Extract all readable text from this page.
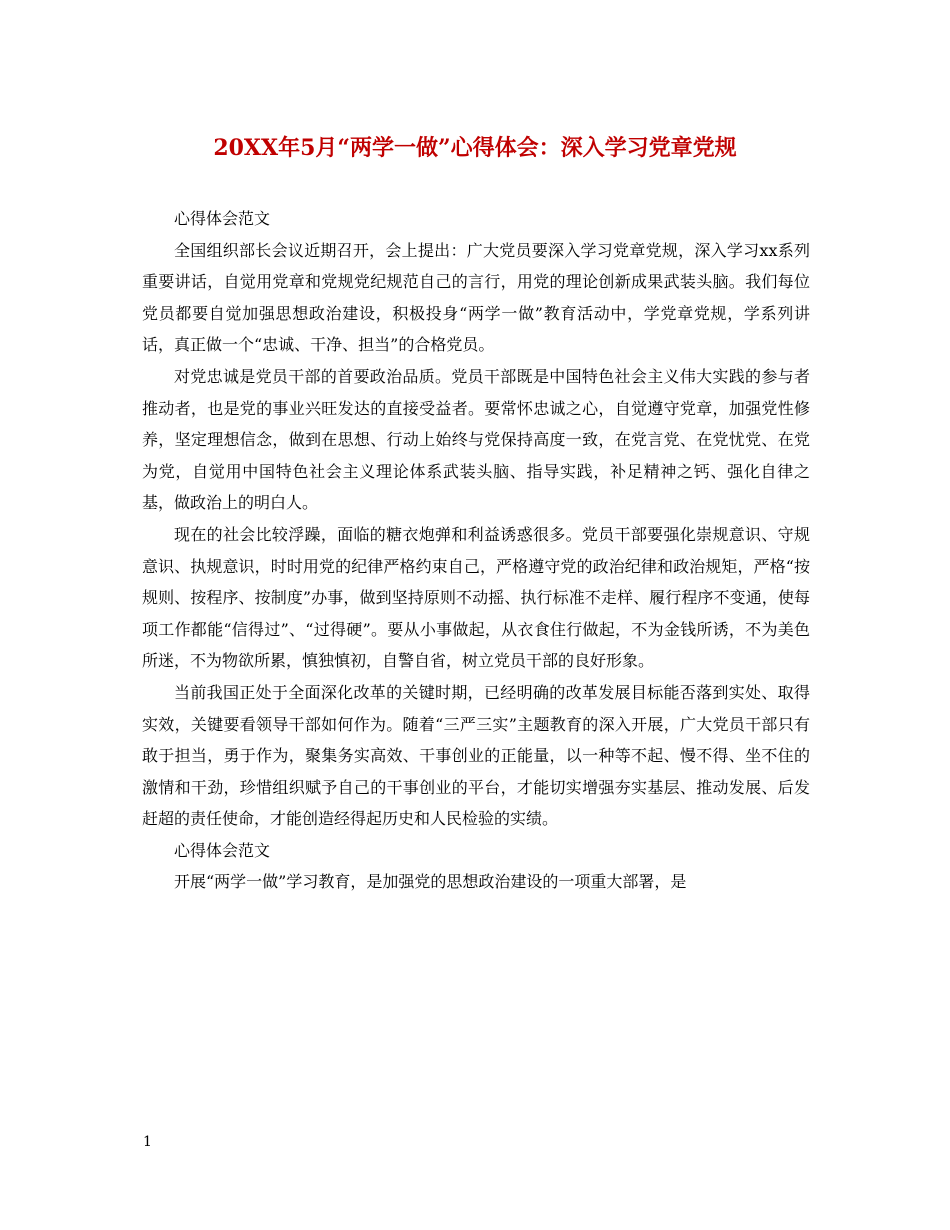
20XX年5月“两学一做”心得体会：深入学习党章党规

心得体会范文

全国组织部长会议近期召开，会上提出：广大党员要深入学习党章党规，深入学习xx系列重要讲话，自觉用党章和党规党纪规范自己的言行，用党的理论创新成果武装头脑。我们每位党员都要自觉加强思想政治建设，积极投身“两学一做”教育活动中，学党章党规，学系列讲话，真正做一个“忠诚、干净、担当”的合格党员。

对党忠诚是党员干部的首要政治品质。党员干部既是中国特色社会主义伟大实践的参与者推动者，也是党的事业兴旺发达的直接受益者。要常怀忠诚之心，自觉遵守党章，加强党性修养，坚定理想信念，做到在思想、行动上始终与党保持高度一致，在党言党、在党忧党、在党为党，自觉用中国特色社会主义理论体系武装头脑、指导实践，补足精神之钙、强化自律之基，做政治上的明白人。

现在的社会比较浮躁，面临的糖衣炮弹和利益诱惑很多。党员干部要强化崇规意识、守规意识、执规意识，时时用党的纪律严格约束自己，严格遵守党的政治纪律和政治规矩，严格“按规则、按程序、按制度”办事，做到坚持原则不动摇、执行标准不走样、履行程序不变通，使每项工作都能“信得过”、“过得硬”。要从小事做起，从衣食住行做起，不为金钱所诱，不为美色所迷，不为物欲所累，慎独慎初，自警自省，树立党员干部的良好形象。

当前我国正处于全面深化改革的关键时期，已经明确的改革发展目标能否落到实处、取得实效，关键要看领导干部如何作为。随着“三严三实”主题教育的深入开展，广大党员干部只有敢于担当，勇于作为，聚集务实高效、干事创业的正能量，以一种等不起、慢不得、坐不住的激情和干劲，珍惜组织赋予自己的干事创业的平台，才能切实增强夯实基层、推动发展、后发赶超的责任使命，才能创造经得起历史和人民检验的实绩。

心得体会范文

开展“两学一做”学习教育，是加强党的思想政治建设的一项重大部署，是

1
